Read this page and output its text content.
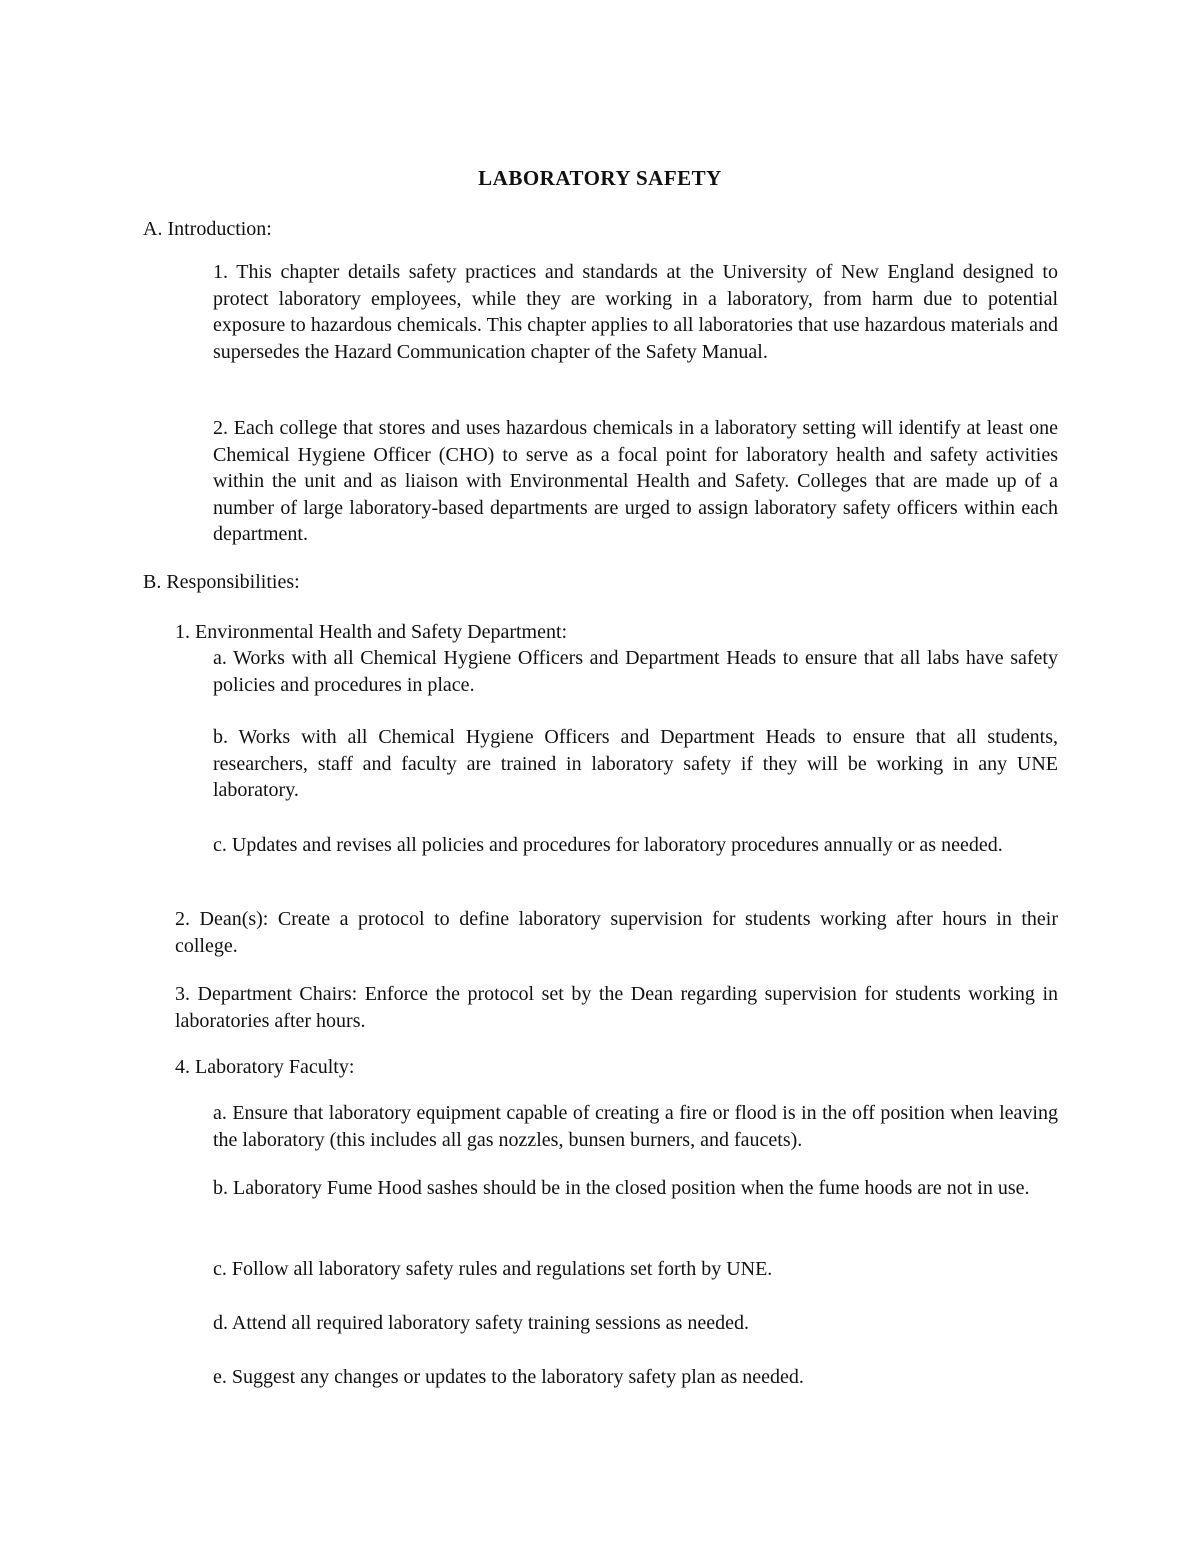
LABORATORY SAFETY
A. Introduction:
1. This chapter details safety practices and standards at the University of New England designed to protect laboratory employees, while they are working in a laboratory, from harm due to potential exposure to hazardous chemicals. This chapter applies to all laboratories that use hazardous materials and supersedes the Hazard Communication chapter of the Safety Manual.
2. Each college that stores and uses hazardous chemicals in a laboratory setting will identify at least one Chemical Hygiene Officer (CHO) to serve as a focal point for laboratory health and safety activities within the unit and as liaison with Environmental Health and Safety. Colleges that are made up of a number of large laboratory-based departments are urged to assign laboratory safety officers within each department.
B. Responsibilities:
1. Environmental Health and Safety Department:
a. Works with all Chemical Hygiene Officers and Department Heads to ensure that all labs have safety policies and procedures in place.
b. Works with all Chemical Hygiene Officers and Department Heads to ensure that all students, researchers, staff and faculty are trained in laboratory safety if they will be working in any UNE laboratory.
c. Updates and revises all policies and procedures for laboratory procedures annually or as needed.
2. Dean(s): Create a protocol to define laboratory supervision for students working after hours in their college.
3. Department Chairs: Enforce the protocol set by the Dean regarding supervision for students working in laboratories after hours.
4. Laboratory Faculty:
a. Ensure that laboratory equipment capable of creating a fire or flood is in the off position when leaving the laboratory (this includes all gas nozzles, bunsen burners, and faucets).
b. Laboratory Fume Hood sashes should be in the closed position when the fume hoods are not in use.
c. Follow all laboratory safety rules and regulations set forth by UNE.
d. Attend all required laboratory safety training sessions as needed.
e. Suggest any changes or updates to the laboratory safety plan as needed.
